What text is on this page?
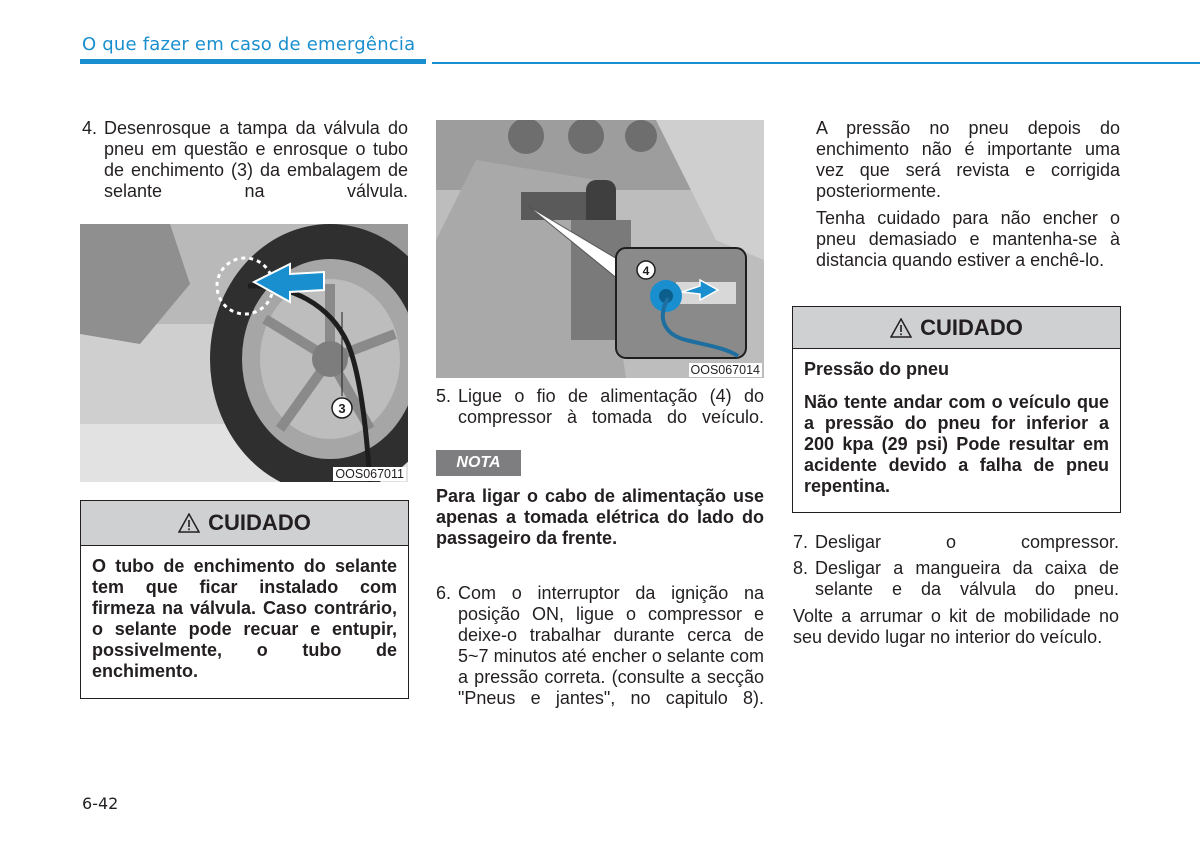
O que fazer em caso de emergência
4. Desenrosque a tampa da válvula do pneu em questão e enrosque o tubo de enchimento (3) da embalagem de selante na válvula.
3
OOS067011
CUIDADO
O tubo de enchimento do selante tem que ficar instalado com firmeza na válvula. Caso contrário, o selante pode recuar e entupir, possivelmente, o tubo de enchimento.
4
OOS067014
5. Ligue o fio de alimentação (4) do compressor à tomada do veículo.
NOTA
Para ligar o cabo de alimentação use apenas a tomada elétrica do lado do passageiro da frente.
6. Com o interruptor da ignição na posição ON, ligue o compressor e deixe-o trabalhar durante cerca de 5~7 minutos até encher o selante com a pressão correta. (consulte a secção "Pneus e jantes", no capitulo 8).

A pressão no pneu depois do enchimento não é importante uma vez que será revista e corrigida posteriormente.

Tenha cuidado para não encher o pneu demasiado e mantenha-se à distancia quando estiver a enchê-lo.

CUIDADO
Pressão do pneu
Não tente andar com o veículo que a pressão do pneu for inferior a 200 kpa (29 psi) Pode resultar em acidente devido a falha de pneu repentina.
7. Desligar o compressor.
8. Desligar a mangueira da caixa de selante e da válvula do pneu.

Volte a arrumar o kit de mobilidade no seu devido lugar no interior do veículo.

6-42
